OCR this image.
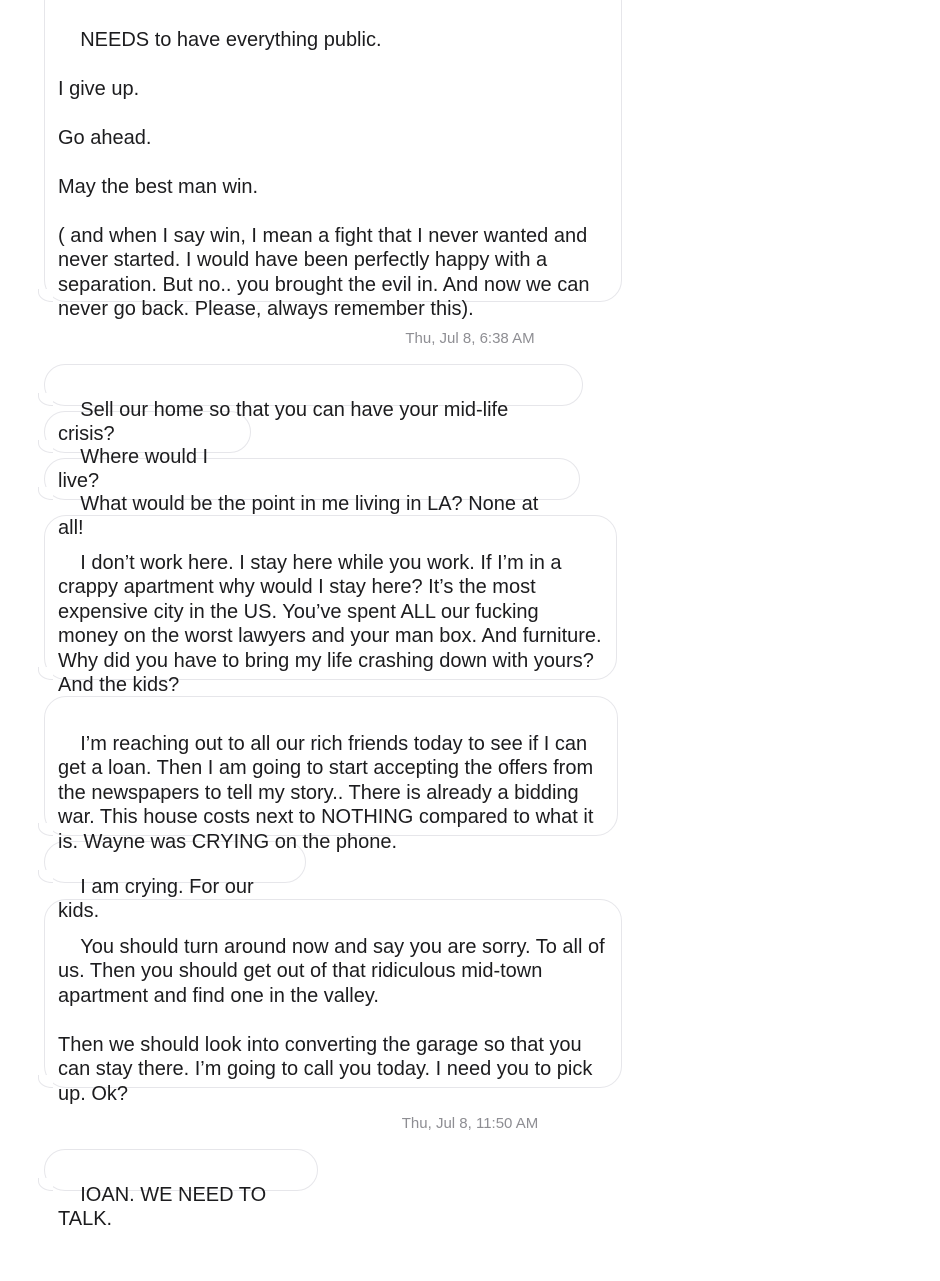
NEEDS to have everything public.

I give up.

Go ahead.

May the best man win.

( and when I say win, I mean a fight that I never wanted and never started. I would have been perfectly happy with a separation. But no.. you brought the evil in. And now we can never go back. Please, always remember this).

Thu, Jul 8, 6:38 AM

Sell our home so that you can have your mid-life crisis?

Where would I live?

What would be the point in me living in LA? None at all!

I don’t work here. I stay here while you work. If I’m in a crappy apartment why would I stay here? It’s the most expensive city in the US. You’ve spent ALL our fucking money on the worst lawyers and your man box. And furniture. Why did you have to bring my life crashing down with yours? And the kids?

I’m reaching out to all our rich friends today to see if I can get a loan. Then I am going to start accepting the offers from the newspapers to tell my story.. There is already a bidding war. This house costs next to NOTHING compared to what it is. Wayne was CRYING on the phone.

I am crying. For our kids.

You should turn around now and say you are sorry. To all of us. Then you should get out of that ridiculous mid-town apartment and find one in the valley.

Then we should look into converting the garage so that you can stay there. I’m going to call you today. I need you to pick up. Ok?

Thu, Jul 8, 11:50 AM

IOAN. WE NEED TO TALK.
